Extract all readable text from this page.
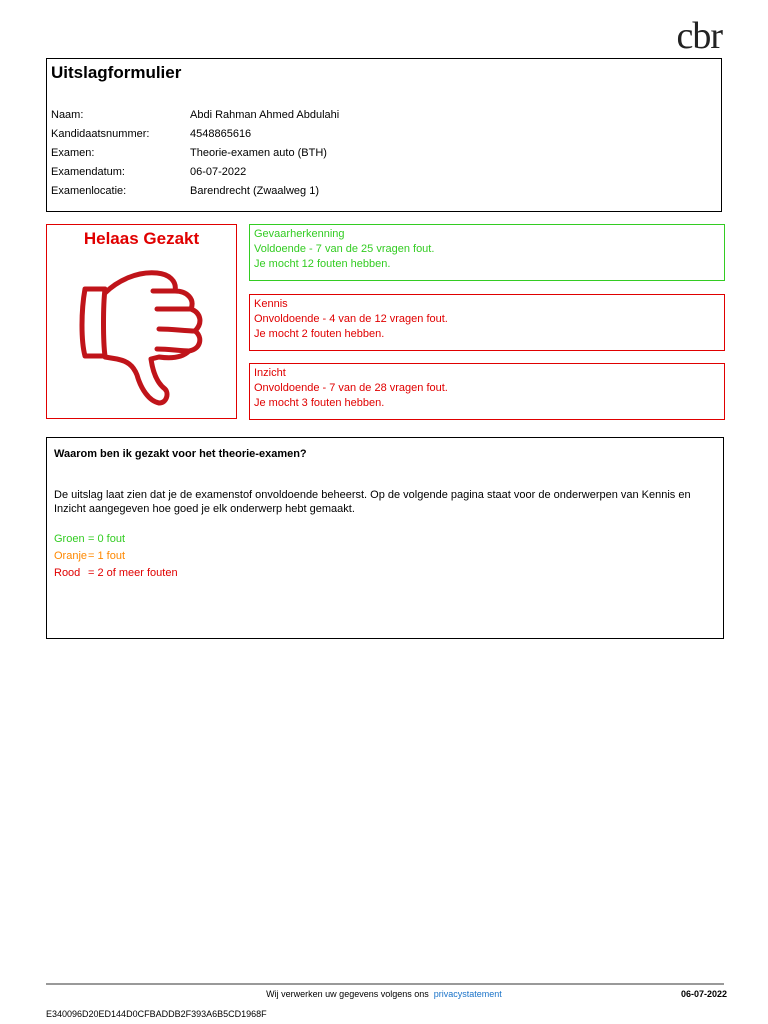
cbr
Uitslagformulier
Naam:	Abdi Rahman Ahmed Abdulahi
Kandidaatsnummer:	4548865616
Examen:	Theorie-examen auto (BTH)
Examendatum:	06-07-2022
Examenlocatie:	Barendrecht (Zwaalweg 1)
Helaas Gezakt	Gevaarherkenning
Voldoende - 7 van de 25 vragen fout.
Je mocht 12 fouten hebben.
Kennis
Onvoldoende - 4 van de 12 vragen fout.
Je mocht 2 fouten hebben.
Inzicht
Onvoldoende - 7 van de 28 vragen fout.
Je mocht 3 fouten hebben.
Waarom ben ik gezakt voor het theorie-examen?
De uitslag laat zien dat je de examenstof onvoldoende beheerst. Op de volgende pagina staat voor de onderwerpen van Kennis en Inzicht aangegeven hoe goed je elk onderwerp hebt gemaakt.
Groen = 0 fout
Oranje= 1 fout
Rood = 2 of meer fouten
Wij verwerken uw gegevens volgens ons privacystatement	06-07-2022
E340096D20ED144D0CFBADDB2F393A6B5CD1968F
